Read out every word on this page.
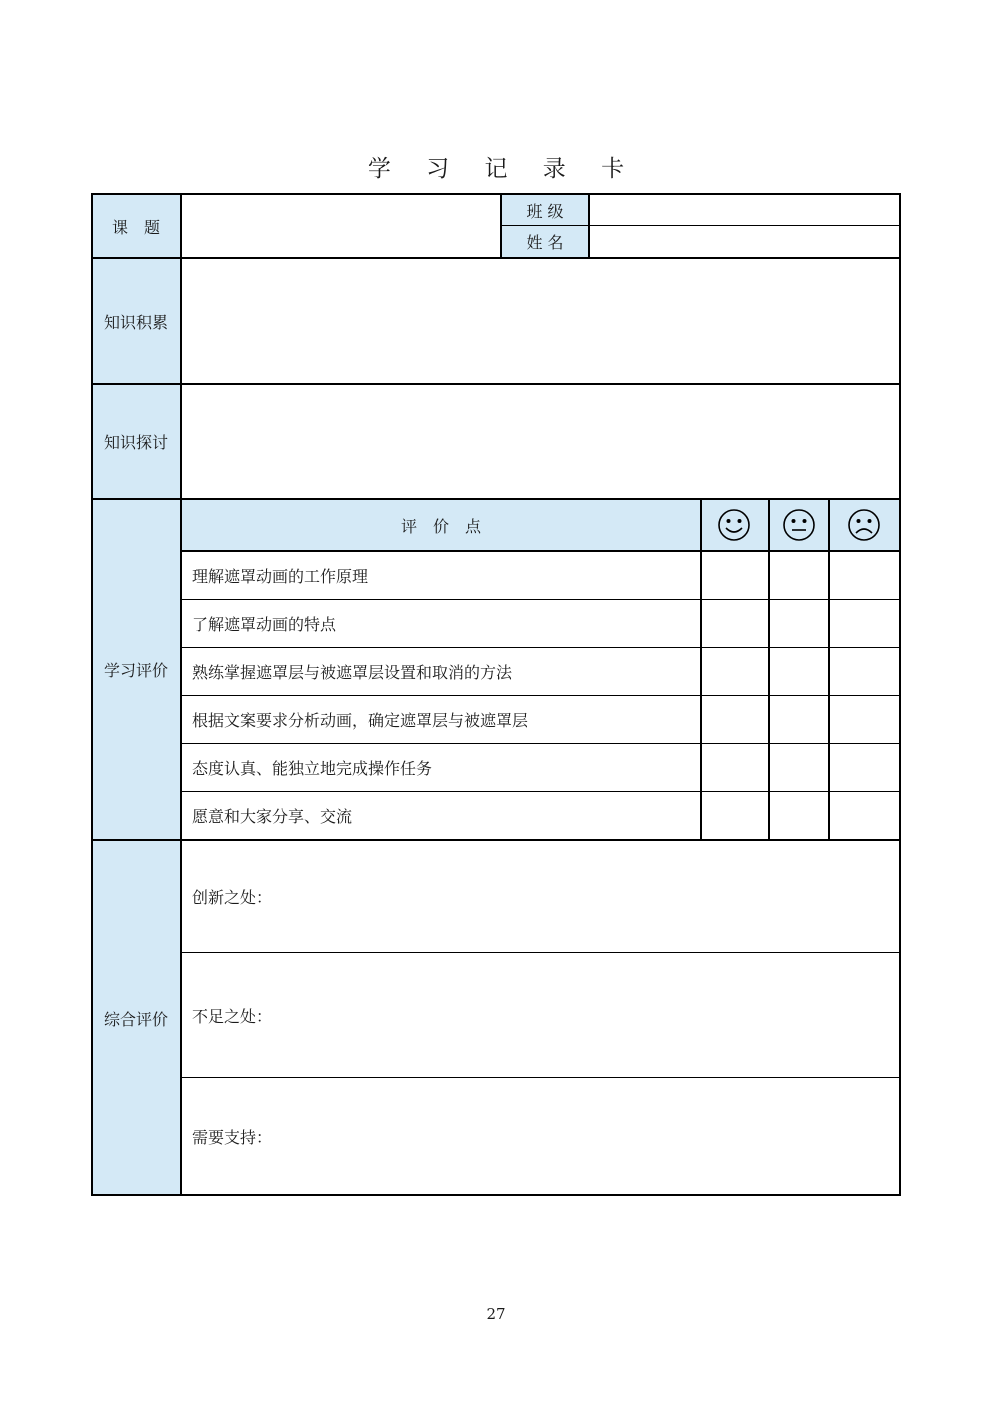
学 习 记 录 卡
课　题
知识积累
知识探讨
学习评价
综合评价
班 级
姓 名
评　价　点
理解遮罩动画的工作原理
了解遮罩动画的特点
熟练掌握遮罩层与被遮罩层设置和取消的方法
根据文案要求分析动画，确定遮罩层与被遮罩层
态度认真、能独立地完成操作任务
愿意和大家分享、交流
创新之处：
不足之处：
需要支持：
27
